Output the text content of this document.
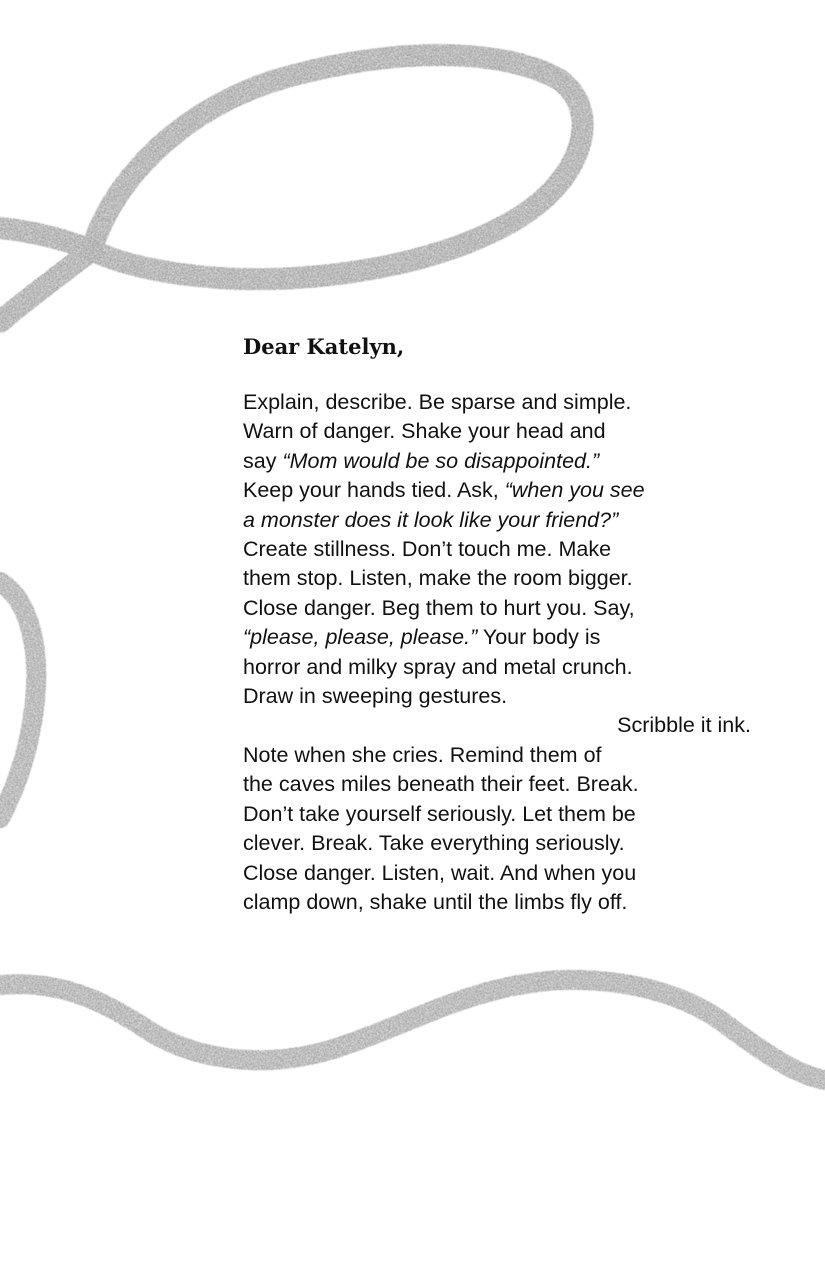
Dear Katelyn,
Explain, describe. Be sparse and simple.
Warn of danger. Shake your head and
say “Mom would be so disappointed.”
Keep your hands tied. Ask, “when you see
a monster does it look like your friend?”
Create stillness. Don’t touch me. Make
them stop. Listen, make the room bigger.
Close danger. Beg them to hurt you. Say,
“please, please, please.” Your body is
horror and milky spray and metal crunch.
Draw in sweeping gestures.
Scribble it ink.
Note when she cries. Remind them of
the caves miles beneath their feet. Break.
Don’t take yourself seriously. Let them be
clever. Break. Take everything seriously.
Close danger. Listen, wait. And when you
clamp down, shake until the limbs fly off.
